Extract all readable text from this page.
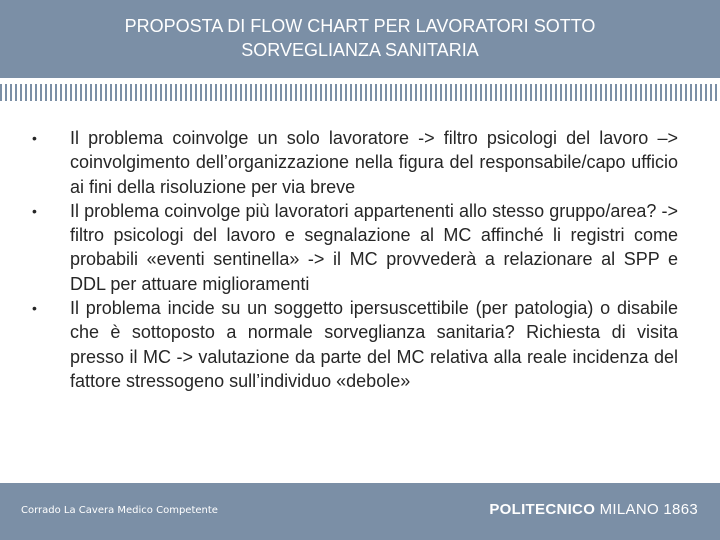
PROPOSTA DI FLOW CHART PER LAVORATORI SOTTO
SORVEGLIANZA SANITARIA
• Il problema coinvolge un solo lavoratore -> filtro psicologi del lavoro –> coinvolgimento dell’organizzazione nella figura del responsabile/capo ufficio ai fini della risoluzione per via breve
• Il problema coinvolge più lavoratori appartenenti allo stesso gruppo/area? -> filtro psicologi del lavoro e segnalazione al MC affinché li registri come probabili «eventi sentinella» -> il MC provvederà a relazionare al SPP e DDL per attuare miglioramenti
• Il problema incide su un soggetto ipersuscettibile (per patologia) o disabile che è sottoposto a normale sorveglianza sanitaria? Richiesta di visita presso il MC -> valutazione da parte del MC relativa alla reale incidenza del fattore stressogeno sull’individuo «debole»
Corrado La Cavera Medico Competente	POLITECNICO MILANO 1863
